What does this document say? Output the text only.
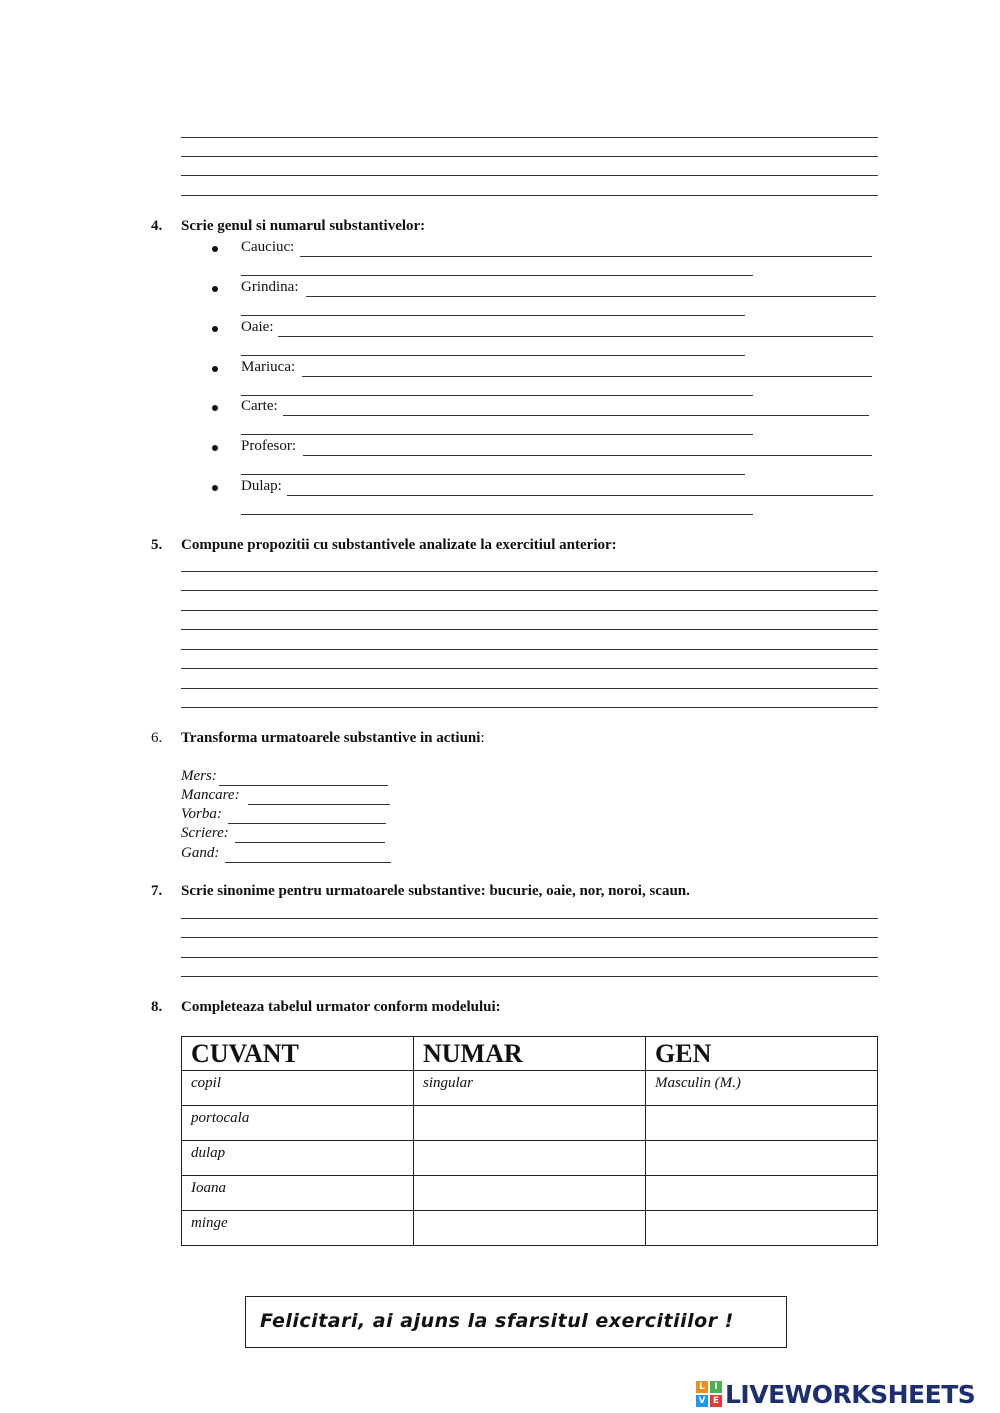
4. Scrie genul si numarul substantivelor:
Cauciuc:
Grindina:
Oaie:
Mariuca:
Carte:
Profesor:
Dulap:
5. Compune propozitii cu substantivele analizate la exercitiul anterior:
6. Transforma urmatoarele substantive in actiuni:
Mers:
Mancare:
Vorba:
Scriere:
Gand:
7. Scrie sinonime pentru urmatoarele substantive: bucurie, oaie, nor, noroi, scaun.
8. Completeaza tabelul urmator conform modelului:
CUVANT	NUMAR	GEN
copil	singular	Masculin (M.)
portocala		
dulap		
Ioana		
minge		
Felicitari, ai ajuns la sfarsitul exercitiilor !
L	I
V E LIVEWORKSHEETS
